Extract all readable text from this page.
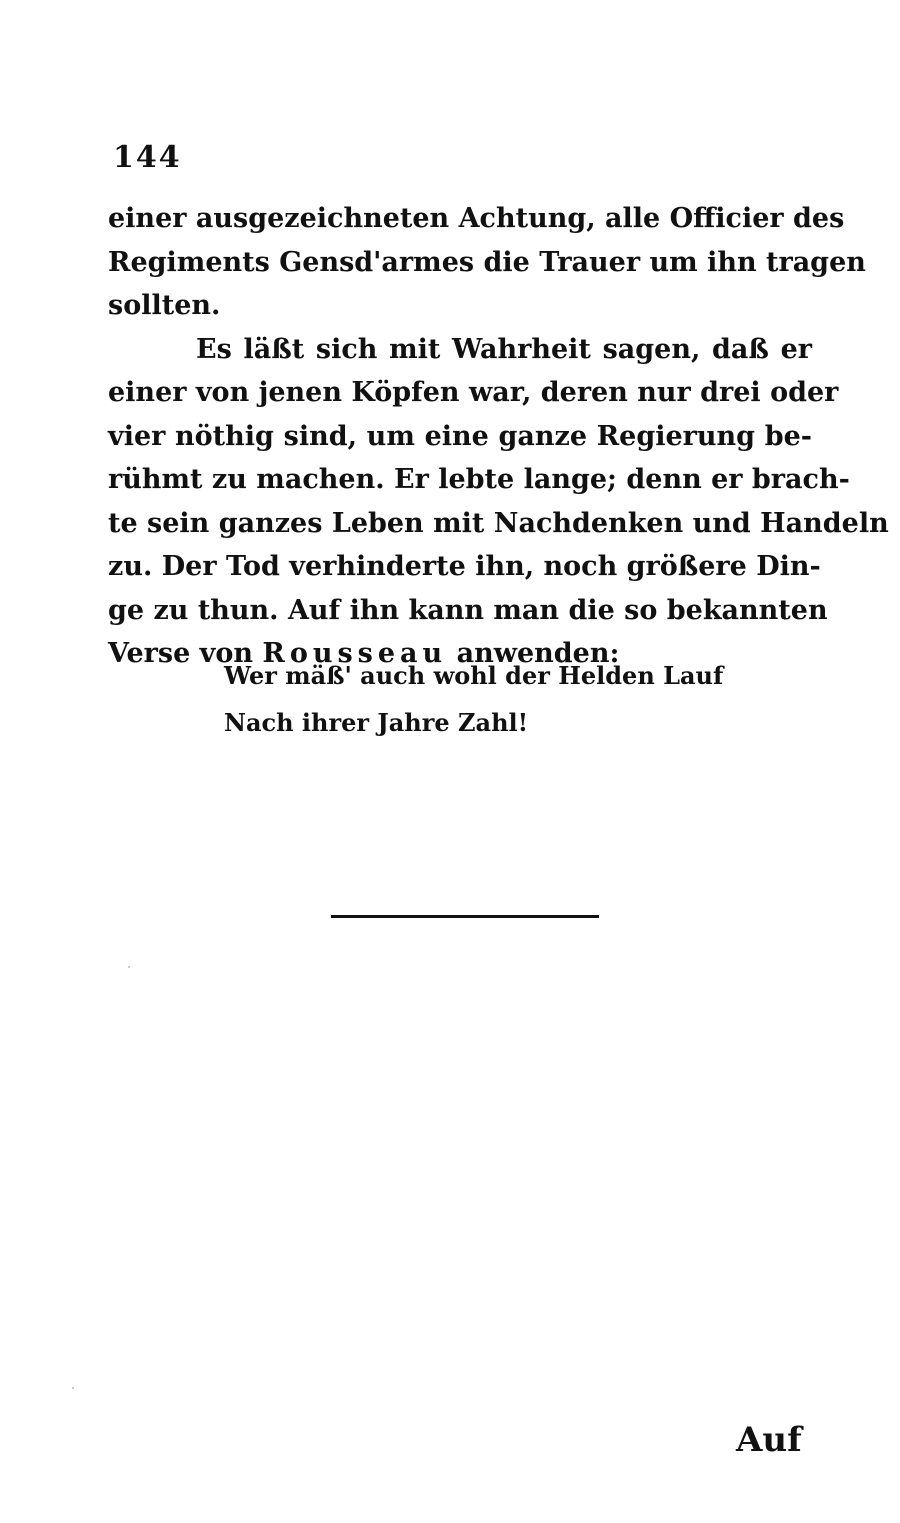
144
einer ausgezeichneten Achtung, alle Officier des
Regiments Gensd'armes die Trauer um ihn tragen
sollten.
Es läßt sich mit Wahrheit sagen, daß er
einer von jenen Köpfen war, deren nur drei oder
vier nöthig sind, um eine ganze Regierung be-
rühmt zu machen. Er lebte lange; denn er brach-
te sein ganzes Leben mit Nachdenken und Handeln
zu. Der Tod verhinderte ihn, noch größere Din-
ge zu thun. Auf ihn kann man die so bekannten
Verse von Rousseau anwenden:
Wer mäß' auch wohl der Helden Lauf
Nach ihrer Jahre Zahl!
Auf
